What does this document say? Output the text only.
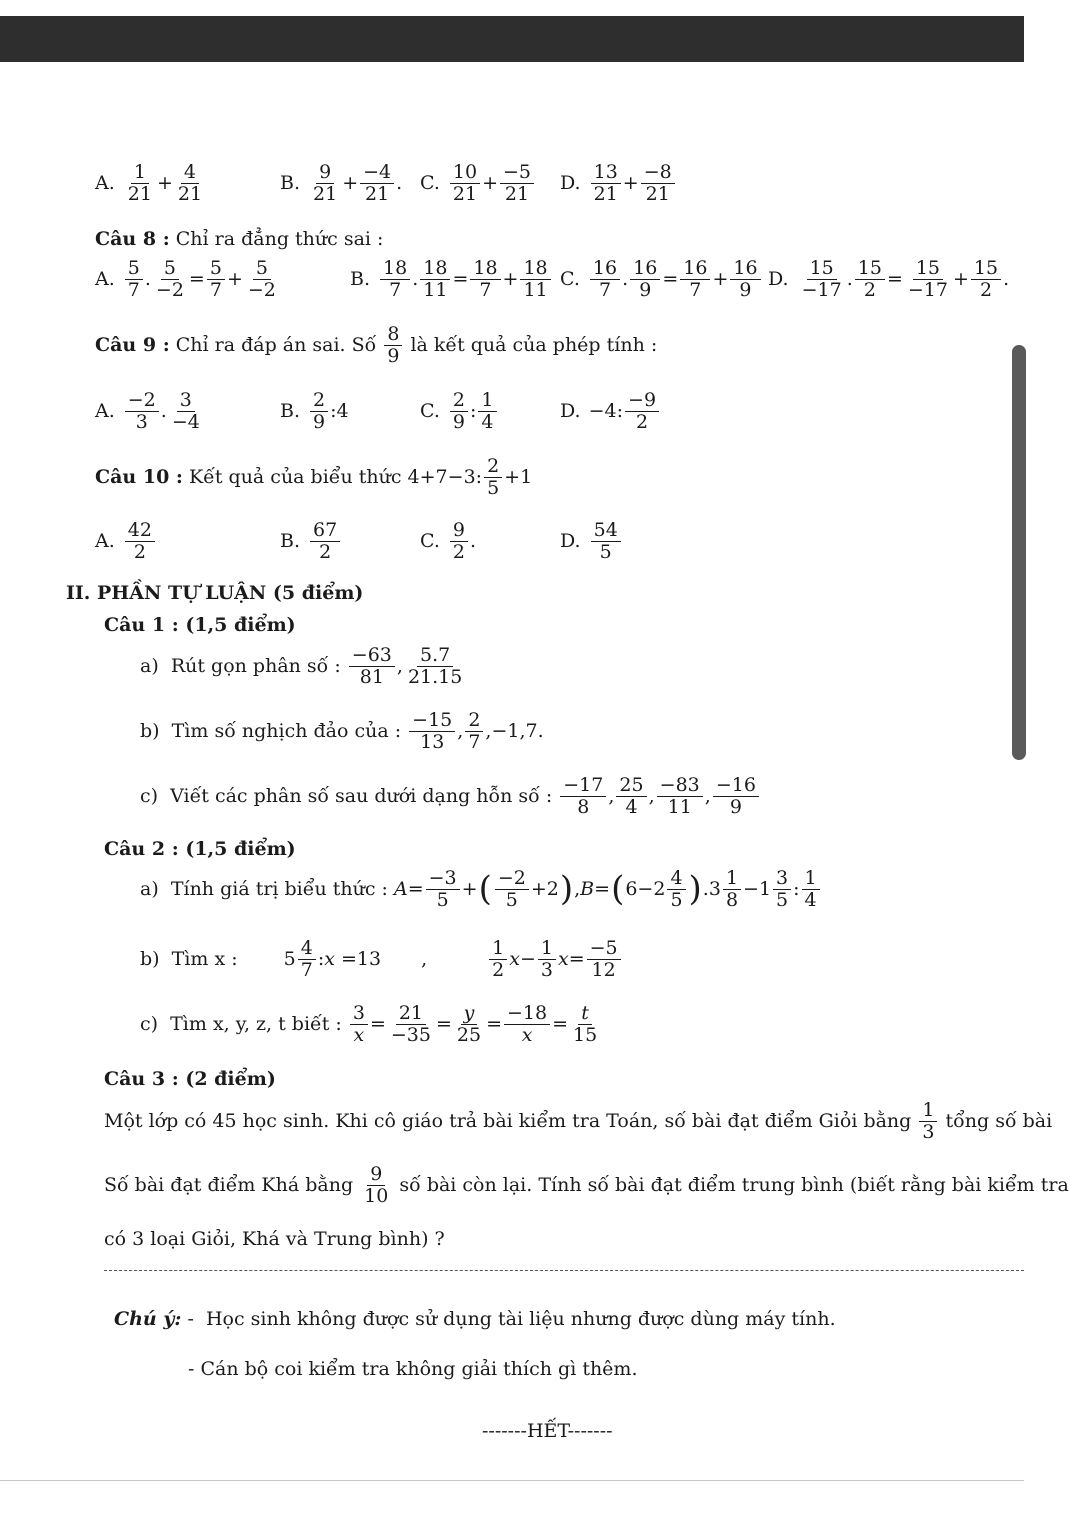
A.
1
$21 + \frac{4}{21}$	B.
9
$21 + \frac{-4}{21}$ . C.
10
$21 + \frac{-5}{21} D$.
13
$21 + \frac{-8}{21}$
Câu 8 : Chỉ ra đẳng thức sai :
A.
5
7 . $\frac{5}{-2} = \frac{5}{7} + \frac{5}{-2}$	B.
18
7 . $\frac{18}{11} = \frac{18}{7} + \frac{18}{11} C$.
16
7 . $\frac{16}{9} = \frac{16}{7} + \frac{16}{9} D$.
15
−17 . $\frac{15}{2} = \frac{15}{-17} + \frac{15}{2}$ .
Câu 9 : Chỉ ra đáp án sai. Số $\frac{8}{9}$ là kết quả của phép tính :
A.
−2
3 .
3
−4	B.
2
9 :4	C.
2
9 :
1
4	D. −4:
−9
2
Câu 10 : Kết quả của biểu thức 4+7−3:
2
5 +1
A.
42
2	B.
67
2	C.
9
2 .	D.
54
5
II. PHẦN TỰ LUẬN (5 điểm)
Câu 1 : (1,5 điểm)
a)  Rút gọn phân số :
−63
81 ,
5.7
21.15
b)  Tìm số nghịch đảo của :
−15
13 ,
2
7 ,−1,7.
c)  Viết các phân số sau dưới dạng hỗn số :
−17
8 ,
25
4 ,
−83
11 ,
−16
9
Câu 2 : (1,5 điểm)
a)  Tính giá trị biểu thức : A =
−3
5 + ( −2
5 +2 ) , B = ( 6−2
4
5 ) .3
1
8 −1
3
5 :
1
4
b)  Tìm x : 5
4
7 : x =13 ,
1
2 x −
1
3 x =
−5
12
c)  Tìm x, y, z, t biết : $\frac{3}{x} = \frac{21}{-35} = \frac{y}{25} = \frac{-18}{x} = \frac{t}{15}$
Câu 3 : (2 điểm)
Một lớp có 45 học sinh. Khi cô giáo trả bài kiểm tra Toán, số bài đạt điểm Giỏi bằng
1
3 tổng số bài
Số bài đạt điểm Khá bằng
9
10 số bài còn lại. Tính số bài đạt điểm trung bình (biết rằng bài kiểm tra
có 3 loại Giỏi, Khá và Trung bình) ?
Chú ý: -  Học sinh không được sử dụng tài liệu nhưng được dùng máy tính.
- Cán bộ coi kiểm tra không giải thích gì thêm.
-------HẾT-------
